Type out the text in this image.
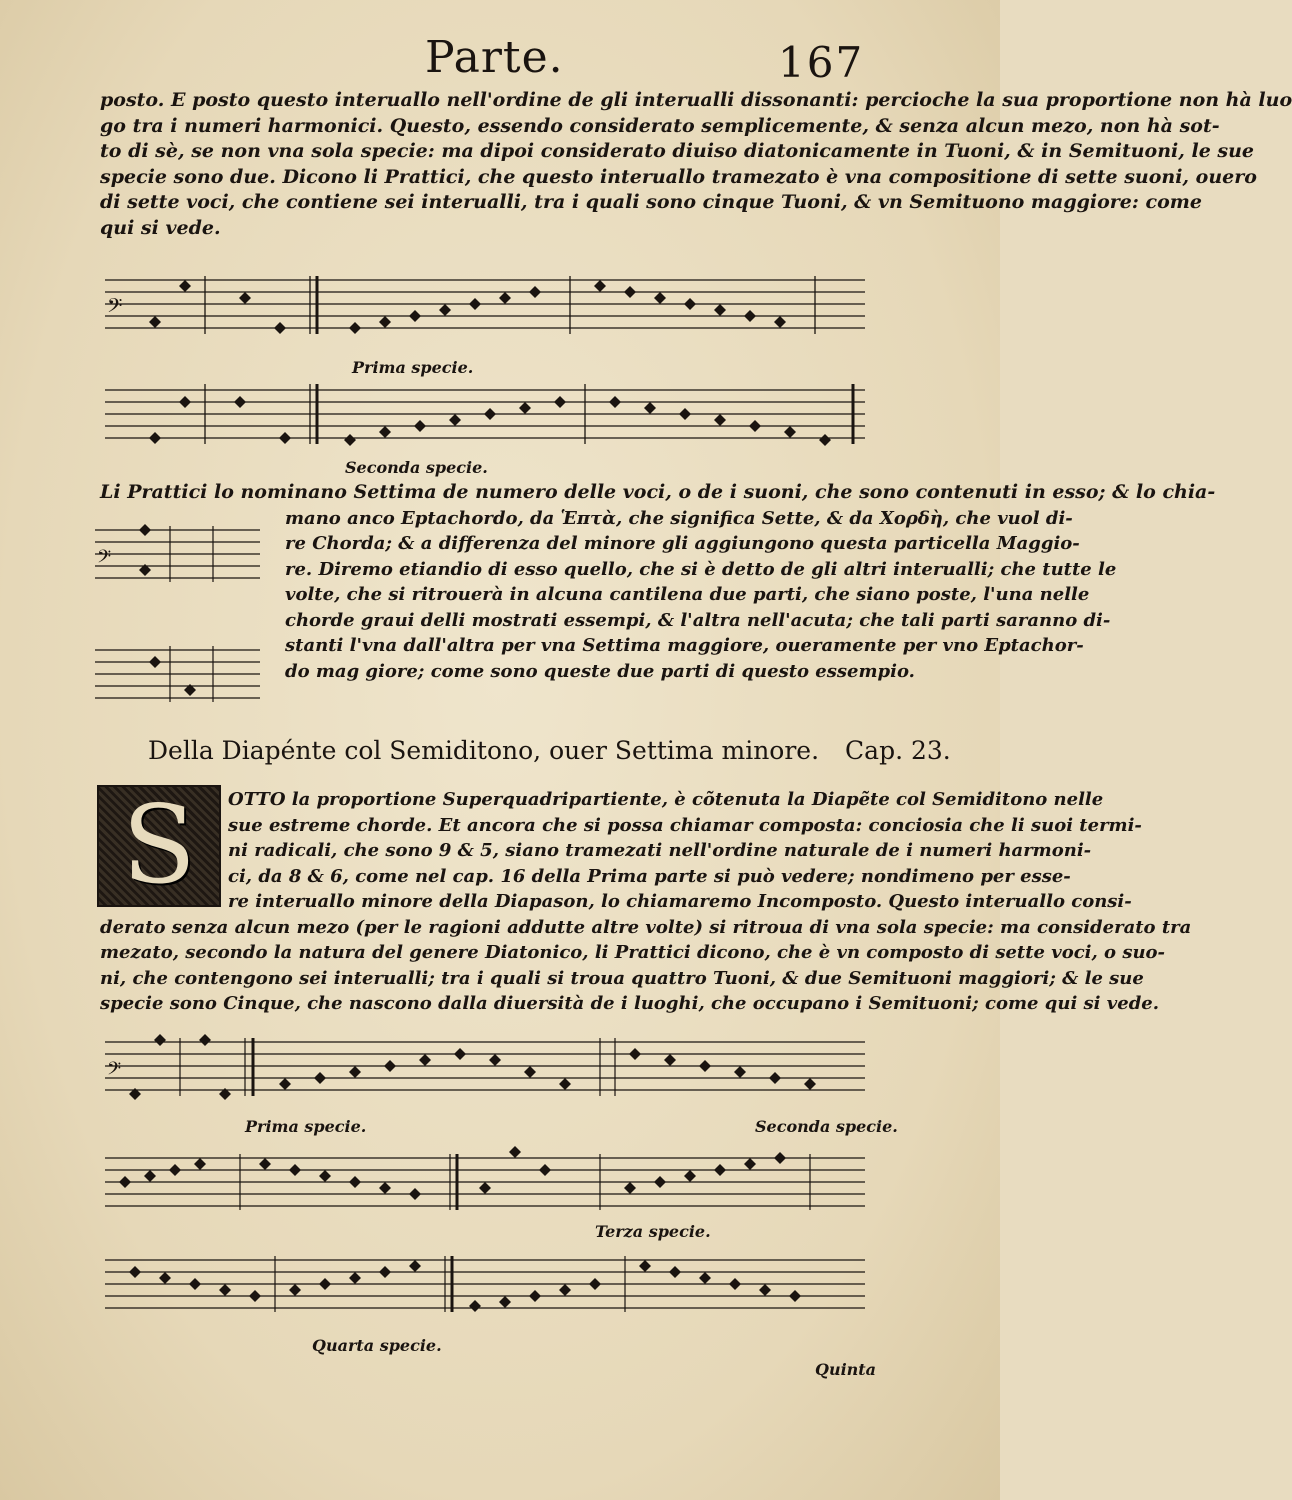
Parte.	167
posto. E posto questo interuallo nell'ordine de gli interualli dissonanti: percioche la sua proportione non hà luo
go tra i numeri harmonici. Questo, essendo considerato semplicemente, & senza alcun mezo, non hà sot-
to di sè, se non vna sola specie: ma dipoi considerato diuiso diatonicamente in Tuoni, & in Semituoni, le sue
specie sono due. Dicono li Prattici, che questo interuallo tramezato è vna compositione di sette suoni, ouero
di sette voci, che contiene sei interualli, tra i quali sono cinque Tuoni, & vn Semituono maggiore: come
qui si vede.
𝄢
Prima specie.
Seconda specie.
Li Prattici lo nominano Settima de numero delle voci, o de i suoni, che sono contenuti in esso; & lo chia-
𝄢
mano anco Eptachordo, da Ἑπτὰ, che significa Sette, & da Χορδὴ, che vuol di-
re Chorda; & a differenza del minore gli aggiungono questa particella Maggio-
re. Diremo etiandio di esso quello, che si è detto de gli altri interualli; che tutte le
volte, che si ritrouerà in alcuna cantilena due parti, che siano poste, l'una nelle
chorde graui delli mostrati essempi, & l'altra nell'acuta; che tali parti saranno di-
stanti l'vna dall'altra per vna Settima maggiore, oueramente per vno Eptachor-
do mag giore; come sono queste due parti di questo essempio.
Della Diapénte col Semiditono, ouer Settima minore. Cap. 23.
S OTTO la proportione Superquadripartiente, è cõtenuta la Diapẽte col Semiditono nelle
sue estreme chorde. Et ancora che si possa chiamar composta: conciosia che li suoi termi-
ni radicali, che sono 9 & 5, siano tramezati nell'ordine naturale de i numeri harmoni-
ci, da 8 & 6, come nel cap. 16 della Prima parte si può vedere; nondimeno per esse-
re interuallo minore della Diapason, lo chiamaremo Incomposto. Questo interuallo consi-
derato senza alcun mezo (per le ragioni addutte altre volte) si ritroua di vna sola specie: ma considerato tra
mezato, secondo la natura del genere Diatonico, li Prattici dicono, che è vn composto di sette voci, o suo-
ni, che contengono sei interualli; tra i quali si troua quattro Tuoni, & due Semituoni maggiori; & le sue
specie sono Cinque, che nascono dalla diuersità de i luoghi, che occupano i Semituoni; come qui si vede.
𝄢
Prima specie.	Seconda specie.
Terza specie.
Quarta specie.
Quinta
